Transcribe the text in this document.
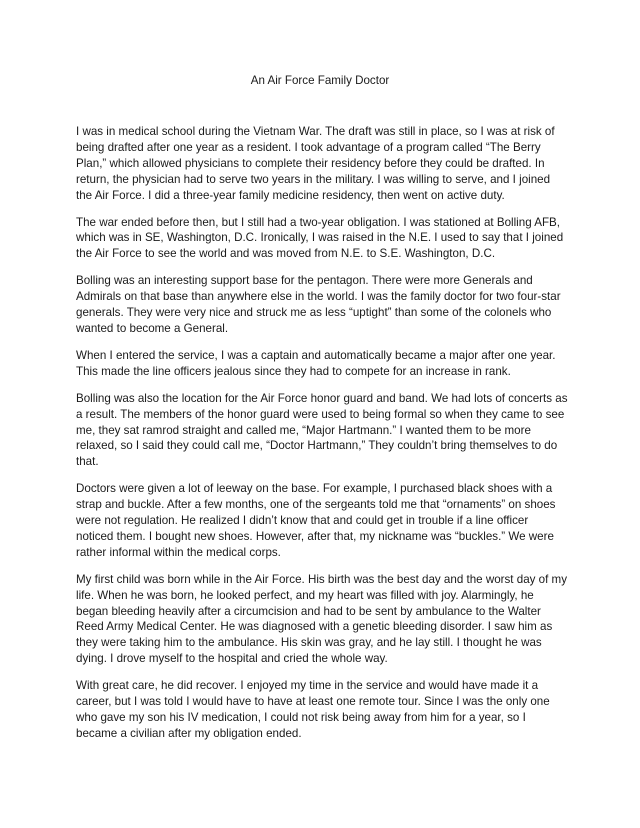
An Air Force Family Doctor

I was in medical school during the Vietnam War. The draft was still in place, so I was at risk of being drafted after one year as a resident. I took advantage of a program called “The Berry Plan,” which allowed physicians to complete their residency before they could be drafted. In return, the physician had to serve two years in the military. I was willing to serve, and I joined the Air Force. I did a three-year family medicine residency, then went on active duty.

The war ended before then, but I still had a two-year obligation. I was stationed at Bolling AFB, which was in SE, Washington, D.C. Ironically, I was raised in the N.E. I used to say that I joined the Air Force to see the world and was moved from N.E. to S.E. Washington, D.C.

Bolling was an interesting support base for the pentagon. There were more Generals and Admirals on that base than anywhere else in the world. I was the family doctor for two four-star generals. They were very nice and struck me as less “uptight” than some of the colonels who wanted to become a General.

When I entered the service, I was a captain and automatically became a major after one year. This made the line officers jealous since they had to compete for an increase in rank.

Bolling was also the location for the Air Force honor guard and band. We had lots of concerts as a result. The members of the honor guard were used to being formal so when they came to see me, they sat ramrod straight and called me, “Major Hartmann.” I wanted them to be more relaxed, so I said they could call me, “Doctor Hartmann,” They couldn’t bring themselves to do that.

Doctors were given a lot of leeway on the base. For example, I purchased black shoes with a strap and buckle. After a few months, one of the sergeants told me that “ornaments” on shoes were not regulation. He realized I didn’t know that and could get in trouble if a line officer noticed them. I bought new shoes. However, after that, my nickname was “buckles.” We were rather informal within the medical corps.

My first child was born while in the Air Force. His birth was the best day and the worst day of my life. When he was born, he looked perfect, and my heart was filled with joy. Alarmingly, he began bleeding heavily after a circumcision and had to be sent by ambulance to the Walter Reed Army Medical Center. He was diagnosed with a genetic bleeding disorder. I saw him as they were taking him to the ambulance. His skin was gray, and he lay still. I thought he was dying. I drove myself to the hospital and cried the whole way.

With great care, he did recover. I enjoyed my time in the service and would have made it a career, but I was told I would have to have at least one remote tour. Since I was the only one who gave my son his IV medication, I could not risk being away from him for a year, so I became a civilian after my obligation ended.
